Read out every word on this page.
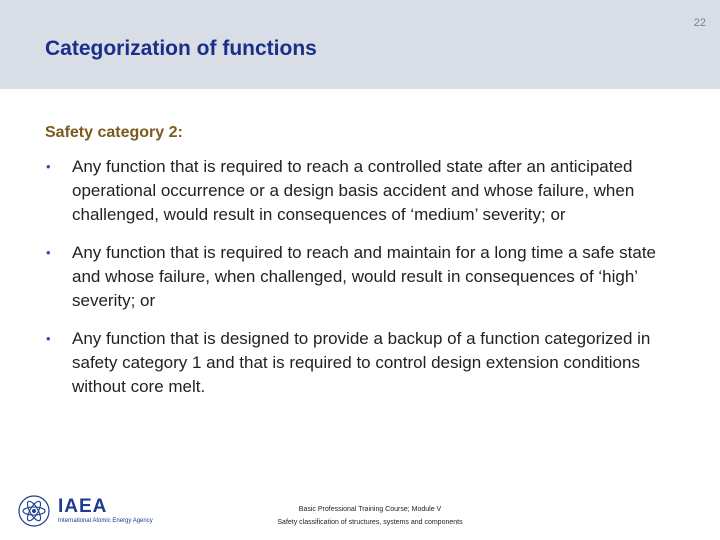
22
Categorization of functions
Safety category 2:
• Any function that is required to reach a controlled state after an anticipated operational occurrence or a design basis accident and whose failure, when challenged, would result in consequences of ‘medium’ severity; or
• Any function that is required to reach and maintain for a long time a safe state and whose failure, when challenged, would result in consequences of ‘high’ severity; or
• Any function that is designed to provide a backup of a function categorized in safety category 1 and that is required to control design extension conditions without core melt.
IAEA
International Atomic Energy Agency
Basic Professional Training Course; Module V
Safety classification of structures, systems and components
